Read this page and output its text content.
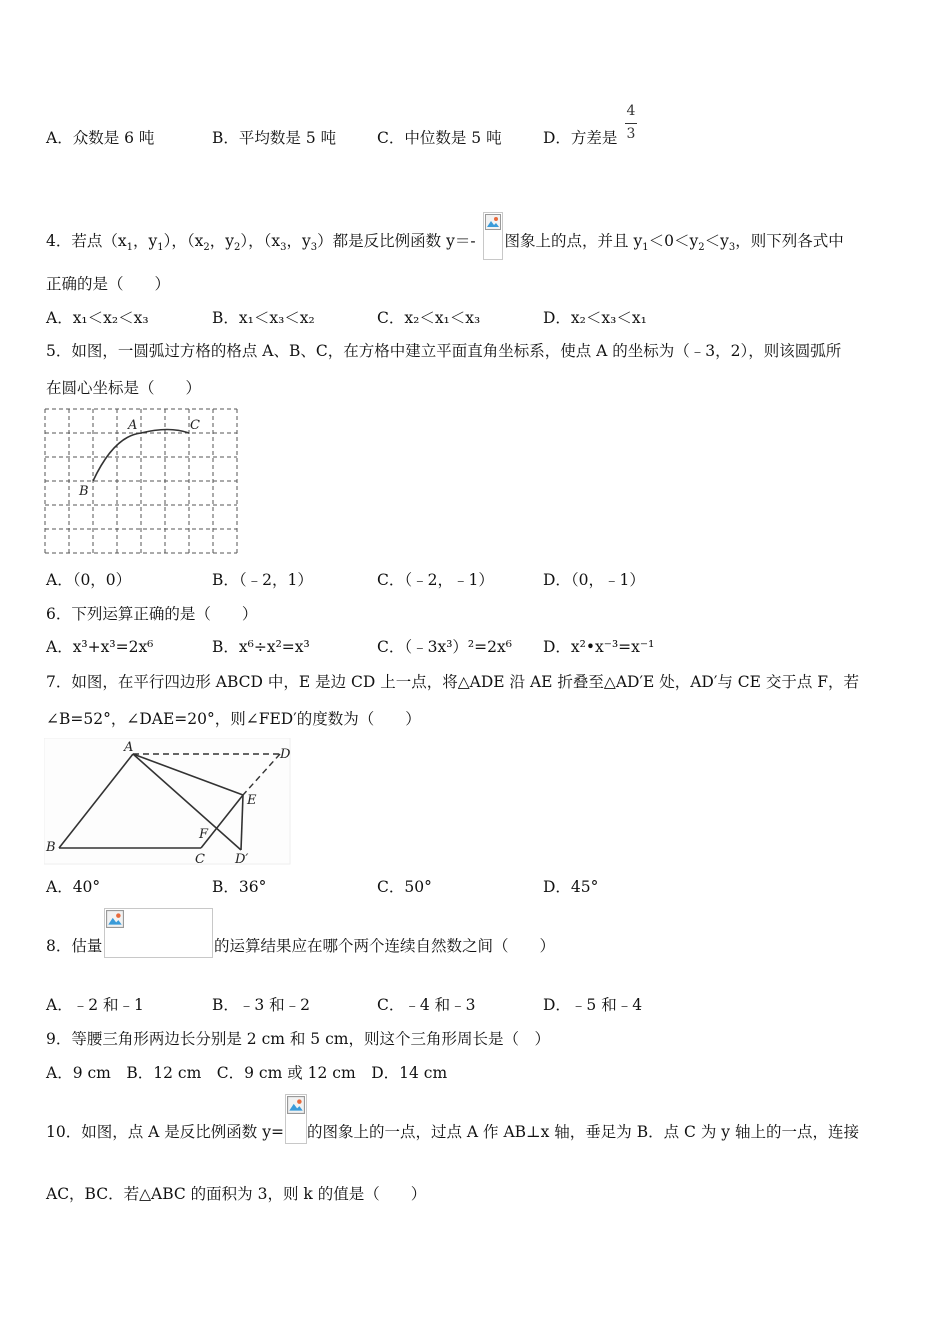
A．众数是 6 吨	B．平均数是 5 吨	C．中位数是 5 吨	D．方差是
4
3
4．若点（$x_1$，$y_1$），（$x_2$，$y_2$），（$x_3$，$y_3$）都是反比例函数 y＝-
图象上的点，并且 $y_1<0<y_2<y_3$，则下列各式中
正确的是（　　）
A．x₁＜x₂＜x₃	B．x₁＜x₃＜x₂	C．x₂＜x₁＜x₃	D．x₂＜x₃＜x₁
5．如图，一圆弧过方格的格点 A、B、C，在方格中建立平面直角坐标系，使点 A 的坐标为（﹣3，2），则该圆弧所
在圆心坐标是（　　）
A	C
B
A．（0，0）	B．（﹣2，1）	C．（﹣2，﹣1）	D．（0，﹣1）
6．下列运算正确的是（　　）
A．x³+x³=2x⁶	B．x⁶÷x²=x³	C．（﹣3x³）²=2x⁶ D．x²•x⁻³=x⁻¹
7．如图，在平行四边形 ABCD 中，E 是边 CD 上一点，将△ADE 沿 AE 折叠至△AD′E 处，AD′与 CE 交于点 F，若
∠B=52°，∠DAE=20°，则∠FED′的度数为（　　）
A	D
E
F
B
C D′
A．40°	B．36°	C．50°	D．45°
8．估量	的运算结果应在哪个两个连续自然数之间（　　）
A．﹣2 和﹣1	B．﹣3 和﹣2	C．﹣4 和﹣3	D．﹣5 和﹣4
9．等腰三角形两边长分别是 2 cm 和 5 cm，则这个三角形周长是（　）
A．9 cm　B．12 cm　C．9 cm 或 12 cm　D．14 cm
10．如图，点 A 是反比例函数 y= 的图象上的一点，过点 A 作 AB⊥x 轴，垂足为 B．点 C 为 y 轴上的一点，连接
AC，BC．若△ABC 的面积为 3，则 k 的值是（　　）
